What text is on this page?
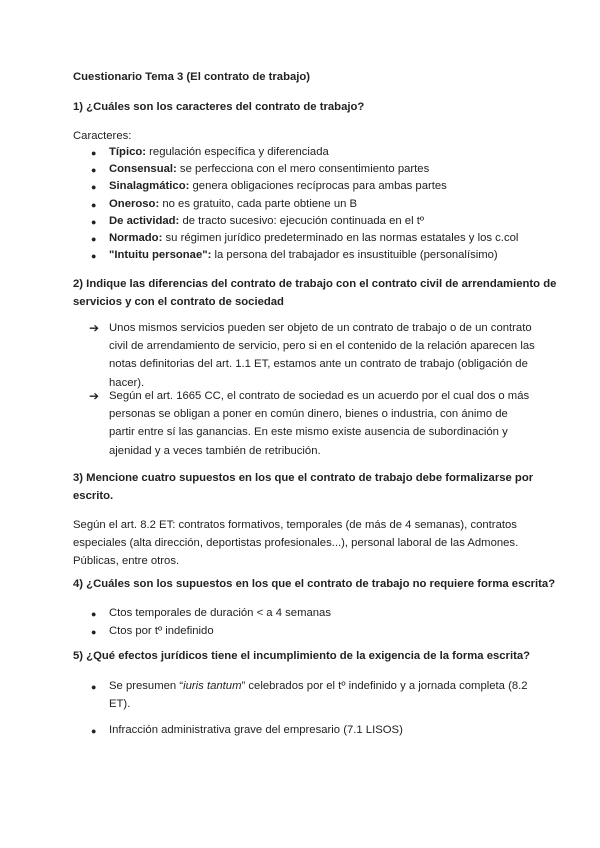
Cuestionario Tema 3 (El contrato de trabajo)
1) ¿Cuáles son los caracteres del contrato de trabajo?
Caracteres:
● Típico: regulación específica y diferenciada
● Consensual: se perfecciona con el mero consentimiento partes
● Sinalagmático: genera obligaciones recíprocas para ambas partes
● Oneroso: no es gratuito, cada parte obtiene un B
● De actividad: de tracto sucesivo: ejecución continuada en el tº
● Normado: su régimen jurídico predeterminado en las normas estatales y los c.col
● "Intuitu personae": la persona del trabajador es insustituible (personalísimo)
2) Indique las diferencias del contrato de trabajo con el contrato civil de arrendamiento de
servicios y con el contrato de sociedad
➔ Unos mismos servicios pueden ser objeto de un contrato de trabajo o de un contrato
civil de arrendamiento de servicio, pero si en el contenido de la relación aparecen las
notas definitorias del art. 1.1 ET, estamos ante un contrato de trabajo (obligación de
hacer).
➔ Según el art. 1665 CC, el contrato de sociedad es un acuerdo por el cual dos o más
personas se obligan a poner en común dinero, bienes o industria, con ánimo de
partir entre sí las ganancias. En este mismo existe ausencia de subordinación y
ajenidad y a veces también de retribución.
3) Mencione cuatro supuestos en los que el contrato de trabajo debe formalizarse por
escrito.
Según el art. 8.2 ET: contratos formativos, temporales (de más de 4 semanas), contratos
especiales (alta dirección, deportistas profesionales...), personal laboral de las Admones.
Públicas, entre otros.
4) ¿Cuáles son los supuestos en los que el contrato de trabajo no requiere forma escrita?
● Ctos temporales de duración < a 4 semanas
● Ctos por tº indefinido
5) ¿Qué efectos jurídicos tiene el incumplimiento de la exigencia de la forma escrita?
● Se presumen “iuris tantum” celebrados por el tº indefinido y a jornada completa (8.2
ET).
● Infracción administrativa grave del empresario (7.1 LISOS)
